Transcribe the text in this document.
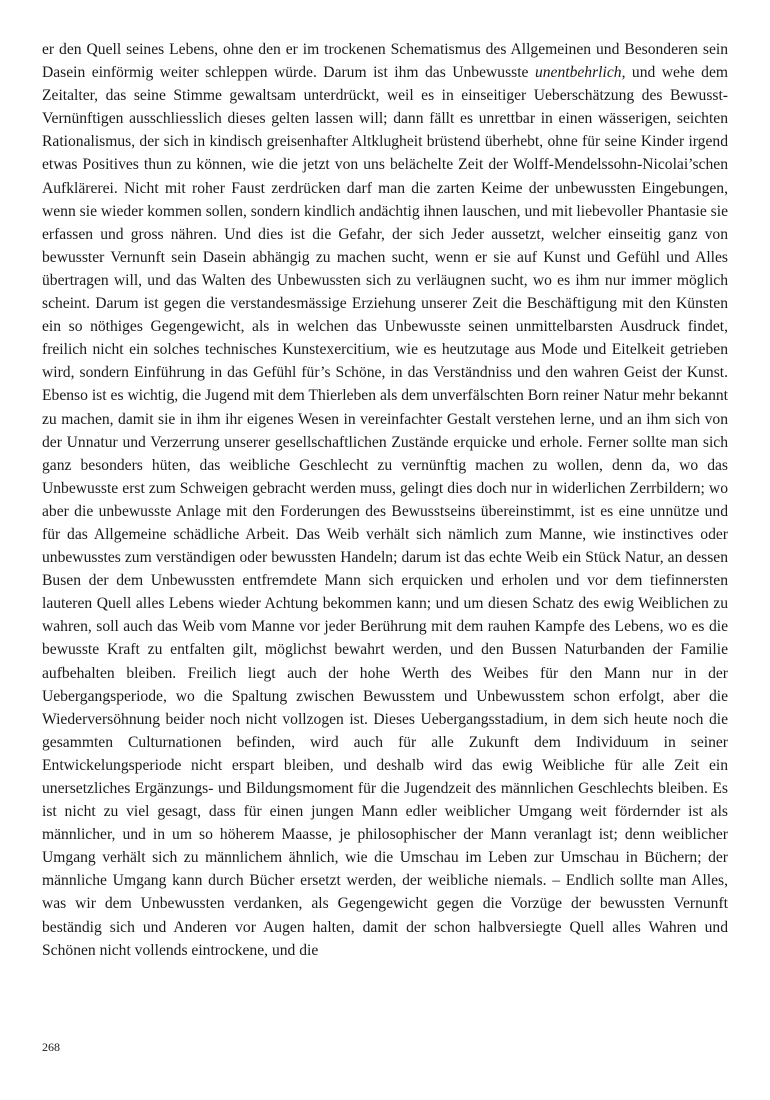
er den Quell seines Lebens, ohne den er im trockenen Schematismus des Allgemeinen und Besonderen sein Dasein einförmig weiter schleppen würde. Darum ist ihm das Unbewusste unentbehrlich, und wehe dem Zeitalter, das seine Stimme gewaltsam unterdrückt, weil es in einseitiger Ueberschätzung des Bewusst-Vernünftigen ausschliesslich dieses gelten lassen will; dann fällt es unrettbar in einen wässerigen, seichten Rationalismus, der sich in kindisch greisenhafter Altklugheit brüstend überhebt, ohne für seine Kinder irgend etwas Positives thun zu können, wie die jetzt von uns belächelte Zeit der Wolff-Mendelssohn-Nicolai’schen Aufklärerei. Nicht mit roher Faust zerdrücken darf man die zarten Keime der unbewussten Eingebungen, wenn sie wieder kommen sollen, sondern kindlich andächtig ihnen lauschen, und mit liebevoller Phantasie sie erfassen und gross nähren. Und dies ist die Gefahr, der sich Jeder aussetzt, welcher einseitig ganz von bewusster Vernunft sein Dasein abhängig zu machen sucht, wenn er sie auf Kunst und Gefühl und Alles übertragen will, und das Walten des Unbewussten sich zu verläugnen sucht, wo es ihm nur immer möglich scheint. Darum ist gegen die verstandesmässige Erziehung unserer Zeit die Beschäftigung mit den Künsten ein so nöthiges Gegengewicht, als in welchen das Unbewusste seinen unmittelbarsten Ausdruck findet, freilich nicht ein solches technisches Kunstexercitium, wie es heutzutage aus Mode und Eitelkeit getrieben wird, sondern Einführung in das Gefühl für’s Schöne, in das Verständniss und den wahren Geist der Kunst. Ebenso ist es wichtig, die Jugend mit dem Thierleben als dem unverfälschten Born reiner Natur mehr bekannt zu machen, damit sie in ihm ihr eigenes Wesen in vereinfachter Gestalt verstehen lerne, und an ihm sich von der Unnatur und Verzerrung unserer gesellschaftlichen Zustände erquicke und erhole. Ferner sollte man sich ganz besonders hüten, das weibliche Geschlecht zu vernünftig machen zu wollen, denn da, wo das Unbewusste erst zum Schweigen gebracht werden muss, gelingt dies doch nur in widerlichen Zerrbildern; wo aber die unbewusste Anlage mit den Forderungen des Bewusstseins übereinstimmt, ist es eine unnütze und für das Allgemeine schädliche Arbeit. Das Weib verhält sich nämlich zum Manne, wie instinctives oder unbewusstes zum verständigen oder bewussten Handeln; darum ist das echte Weib ein Stück Natur, an dessen Busen der dem Unbewussten entfremdete Mann sich erquicken und erholen und vor dem tiefinnersten lauteren Quell alles Lebens wieder Achtung bekommen kann; und um diesen Schatz des ewig Weiblichen zu wahren, soll auch das Weib vom Manne vor jeder Berührung mit dem rauhen Kampfe des Lebens, wo es die bewusste Kraft zu entfalten gilt, möglichst bewahrt werden, und den Bussen Naturbanden der Familie aufbehalten bleiben. Freilich liegt auch der hohe Werth des Weibes für den Mann nur in der Uebergangsperiode, wo die Spaltung zwischen Bewusstem und Unbewusstem schon erfolgt, aber die Wiederversöhnung beider noch nicht vollzogen ist. Dieses Uebergangsstadium, in dem sich heute noch die gesammten Culturnationen befinden, wird auch für alle Zukunft dem Individuum in seiner Entwickelungsperiode nicht erspart bleiben, und deshalb wird das ewig Weibliche für alle Zeit ein unersetzliches Ergänzungs- und Bildungsmoment für die Jugendzeit des männlichen Geschlechts bleiben. Es ist nicht zu viel gesagt, dass für einen jungen Mann edler weiblicher Umgang weit fördernder ist als männlicher, und in um so höherem Maasse, je philosophischer der Mann veranlagt ist; denn weiblicher Umgang verhält sich zu männlichem ähnlich, wie die Umschau im Leben zur Umschau in Büchern; der männliche Umgang kann durch Bücher ersetzt werden, der weibliche niemals. – Endlich sollte man Alles, was wir dem Unbewussten verdanken, als Gegengewicht gegen die Vorzüge der bewussten Vernunft beständig sich und Anderen vor Augen halten, damit der schon halbversiegte Quell alles Wahren und Schönen nicht vollends eintrockene, und die

268
